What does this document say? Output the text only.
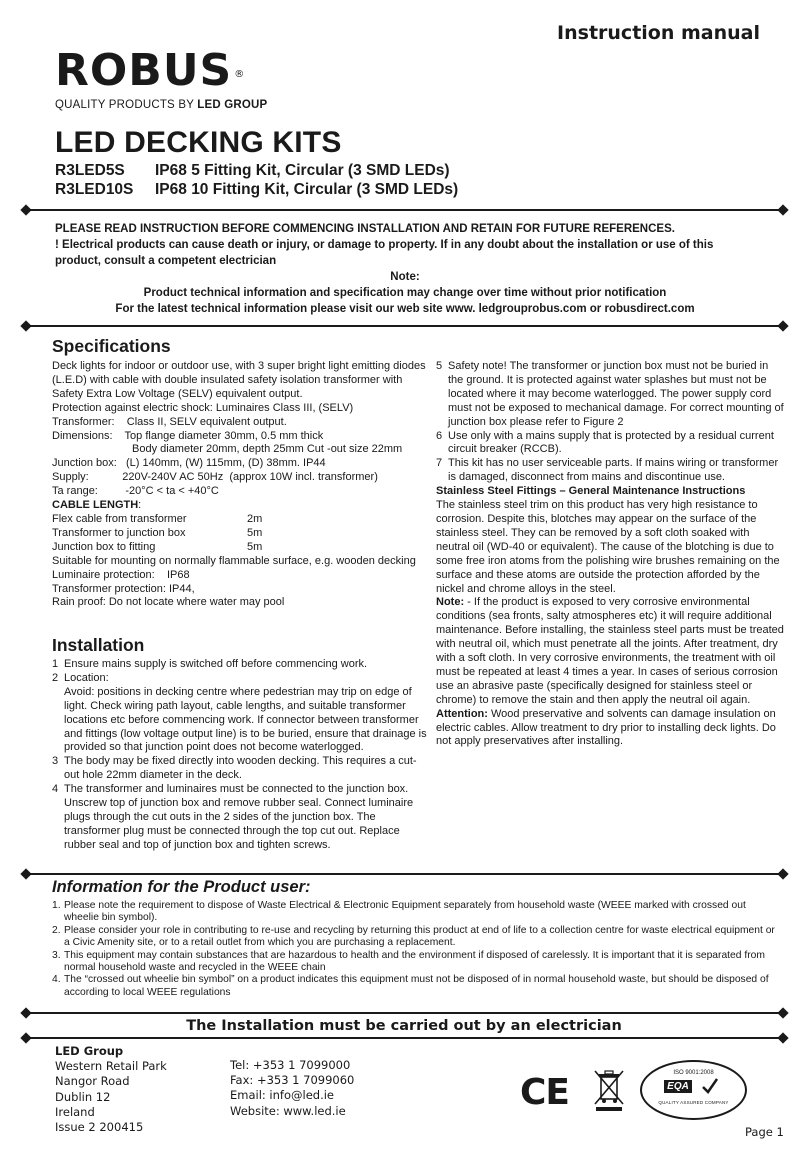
Instruction manual
ROBUS ®
QUALITY PRODUCTS BY LED GROUP
LED DECKING KITS
R3LED5S IP68 5 Fitting Kit, Circular (3 SMD LEDs)
R3LED10S IP68 10 Fitting Kit, Circular (3 SMD LEDs)
PLEASE READ INSTRUCTION BEFORE COMMENCING INSTALLATION AND RETAIN FOR FUTURE REFERENCES.
! Electrical products can cause death or injury, or damage to property. If in any doubt about the installation or use of this product, consult a competent electrician
Note:
Product technical information and specification may change over time without prior notification
For the latest technical information please visit our web site www. ledgrouprobus.com or robusdirect.com
Specifications

Deck lights for indoor or outdoor use, with 3 super bright light emitting diodes (L.E.D) with cable with double insulated safety isolation transformer with Safety Extra Low Voltage (SELV) equivalent output.

Protection against electric shock: Luminaires Class III, (SELV)

Transformer:    Class II, SELV equivalent output.

Dimensions:    Top flange diameter 30mm, 0.5 mm thick

Body diameter 20mm, depth 25mm Cut -out size 22mm

Junction box:   (L) 140mm, (W) 115mm, (D) 38mm. IP44

Supply:           220V-240V AC 50Hz  (approx 10W incl. transformer)

Ta range:         -20°C < ta < +40°C

CABLE LENGTH:

Flex cable from transformer	2m
Transformer to junction box	5m
Junction box to fitting	5m

Suitable for mounting on normally flammable surface, e.g. wooden decking

Luminaire protection:    IP68

Transformer protection: IP44,

Rain proof: Do not locate where water may pool

Installation
1 Ensure mains supply is switched off before commencing work.
2 Location:
Avoid: positions in decking centre where pedestrian may trip on edge of light. Check wiring path layout, cable lengths, and suitable transformer locations etc before commencing work. If connector between transformer and fittings (low voltage output line) is to be buried, ensure that drainage is provided so that junction point does not become waterlogged.
3 The body may be fixed directly into wooden decking. This requires a cut-out hole 22mm diameter in the deck.
4 The transformer and luminaires must be connected to the junction box. Unscrew top of junction box and remove rubber seal. Connect luminaire plugs through the cut outs in the 2 sides of the junction box. The transformer plug must be connected through the top cut out. Replace rubber seal and top of junction box and tighten screws.
5 Safety note! The transformer or junction box must not be buried in the ground. It is protected against water splashes but must not be located where it may become waterlogged. The power supply cord must not be exposed to mechanical damage. For correct mounting of junction box please refer to Figure 2
6 Use only with a mains supply that is protected by a residual current circuit breaker (RCCB).
7 This kit has no user serviceable parts. If mains wiring or transformer is damaged, disconnect from mains and discontinue use.

Stainless Steel Fittings – General Maintenance Instructions

The stainless steel trim on this product has very high resistance to corrosion. Despite this, blotches may appear on the surface of the stainless steel. They can be removed by a soft cloth soaked with neutral oil (WD-40 or equivalent). The cause of the blotching is due to some free iron atoms from the polishing wire brushes remaining on the surface and these atoms are outside the protection afforded by the nickel and chrome alloys in the steel.

Note: - If the product is exposed to very corrosive environmental conditions (sea fronts, salty atmospheres etc) it will require additional maintenance. Before installing, the stainless steel parts must be treated with neutral oil, which must penetrate all the joints. After treatment, dry with a soft cloth. In very corrosive environments, the treatment with oil must be repeated at least 4 times a year. In cases of serious corrosion use an abrasive paste (specifically designed for stainless steel or chrome) to remove the stain and then apply the neutral oil again.

Attention: Wood preservative and solvents can damage insulation on electric cables. Allow treatment to dry prior to installing deck lights. Do not apply preservatives after installing.

Information for the Product user:
1. Please note the requirement to dispose of Waste Electrical & Electronic Equipment separately from household waste (WEEE marked with crossed out wheelie bin symbol).
2. Please consider your role in contributing to re-use and recycling by returning this product at end of life to a collection centre for waste electrical equipment or a Civic Amenity site, or to a retail outlet from which you are purchasing a replacement.
3. This equipment may contain substances that are hazardous to health and the environment if disposed of carelessly. It is important that it is separated from normal household waste and recycled in the WEEE chain
4. The “crossed out wheelie bin symbol” on a product indicates this equipment must not be disposed of in normal household waste, but should be disposed of according to local WEEE regulations
The Installation must be carried out by an electrician
LED Group
Western Retail Park
Nangor Road
Dublin 12
Ireland
Issue 2 200415
Tel: +353 1 7099000
Fax: +353 1 7099060
Email: info@led.ie
Website: www.led.ie	CE	ISO 9001:2008
EQA
QUALITY ASSURED COMPANY
Page 1
